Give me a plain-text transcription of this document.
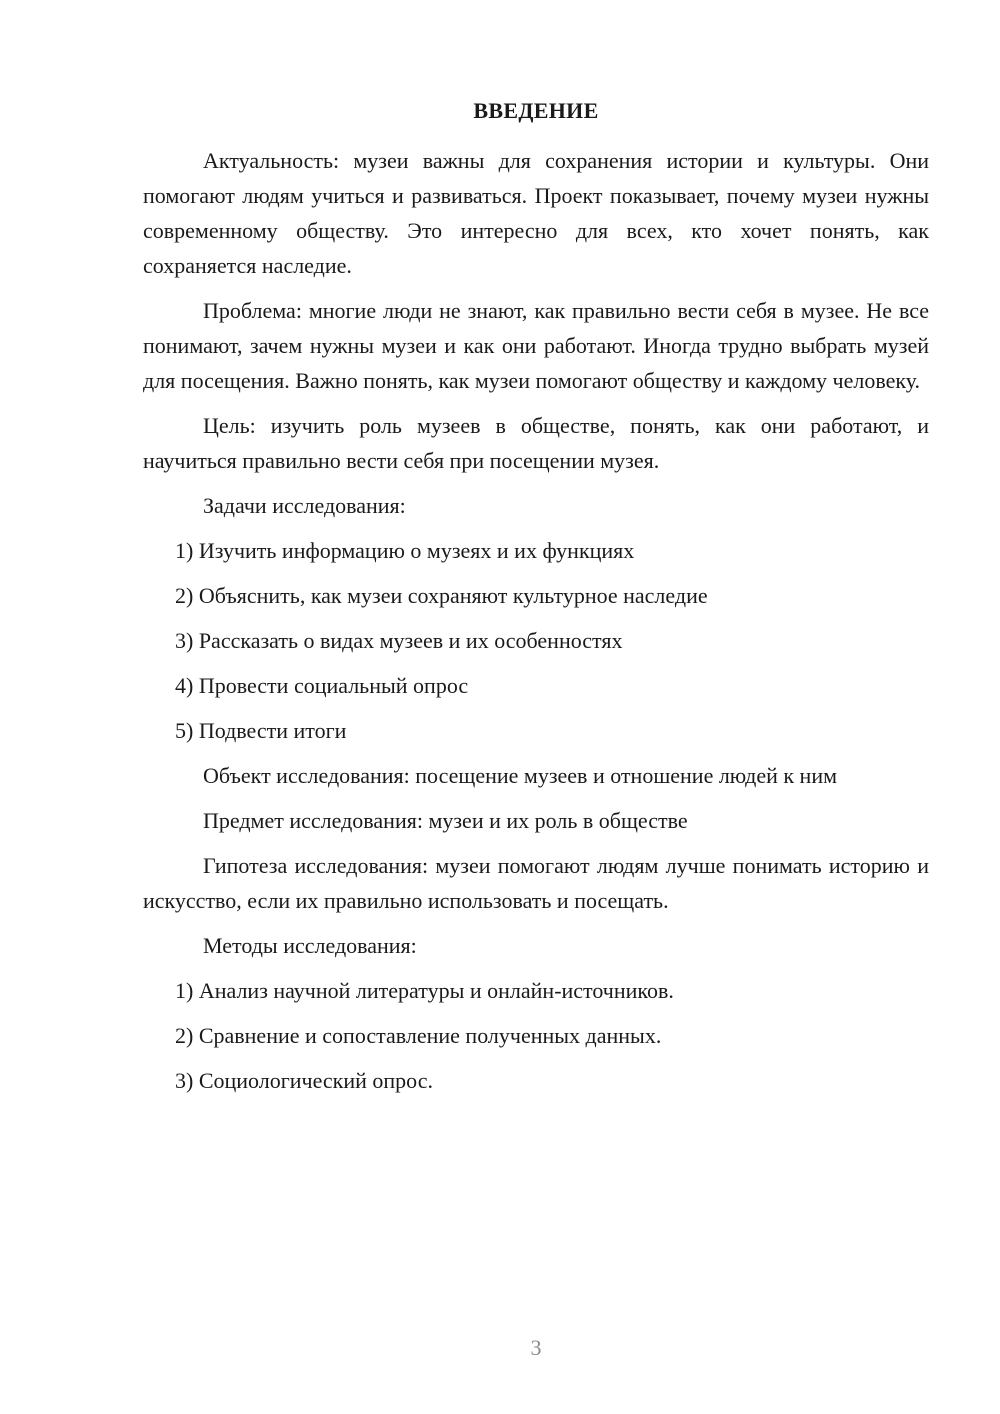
ВВЕДЕНИЕ

Актуальность: музеи важны для сохранения истории и культуры. Они помогают людям учиться и развиваться. Проект показывает, почему музеи нужны современному обществу. Это интересно для всех, кто хочет понять, как сохраняется наследие.

Проблема: многие люди не знают, как правильно вести себя в музее. Не все понимают, зачем нужны музеи и как они работают. Иногда трудно выбрать музей для посещения. Важно понять, как музеи помогают обществу и каждому человеку.

Цель: изучить роль музеев в обществе, понять, как они работают, и научиться правильно вести себя при посещении музея.

Задачи исследования:

1) Изучить информацию о музеях и их функциях

2) Объяснить, как музеи сохраняют культурное наследие

3) Рассказать о видах музеев и их особенностях

4) Провести социальный опрос

5) Подвести итоги

Объект исследования: посещение музеев и отношение людей к ним

Предмет исследования: музеи и их роль в обществе

Гипотеза исследования: музеи помогают людям лучше понимать историю и искусство, если их правильно использовать и посещать.

Методы исследования:

1) Анализ научной литературы и онлайн-источников.

2) Сравнение и сопоставление полученных данных.

3) Социологический опрос.

3
